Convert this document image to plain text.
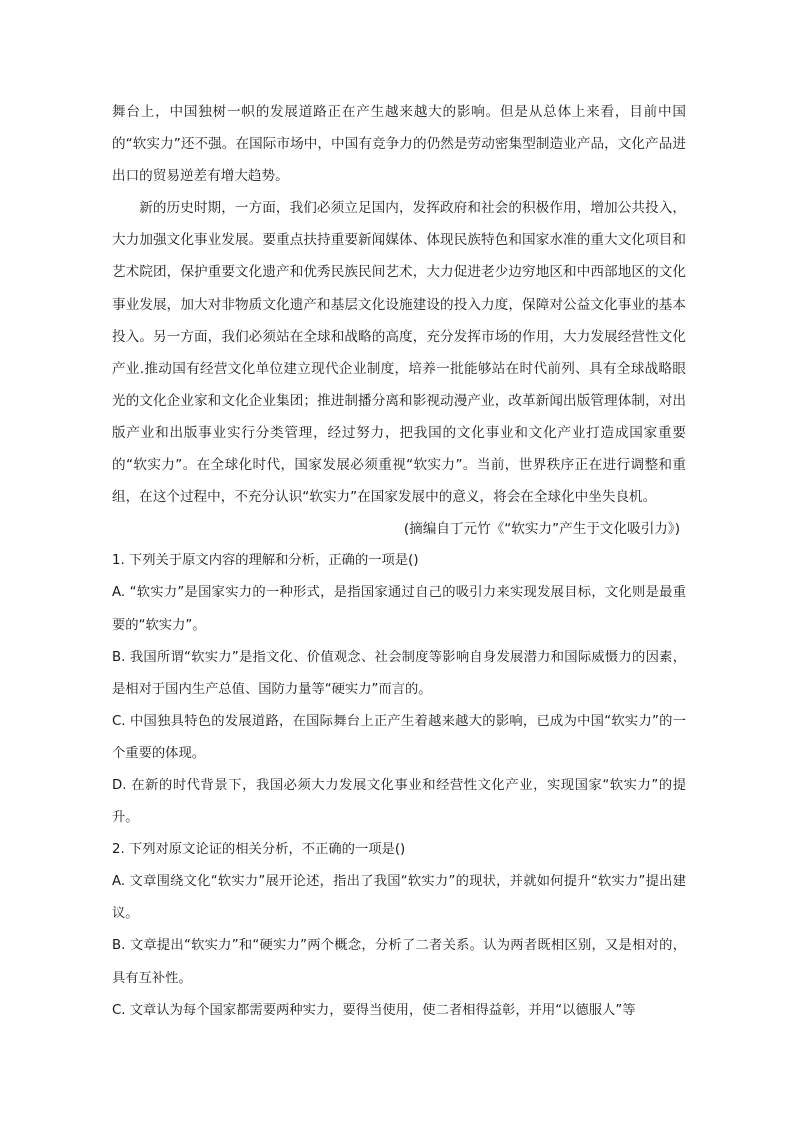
舞台上，中国独树一帜的发展道路正在产生越来越大的影响。但是从总体上来看，目前中国的“软实力”还不强。在国际市场中，中国有竞争力的仍然是劳动密集型制造业产品，文化产品进出口的贸易逆差有增大趋势。

新的历史时期，一方面，我们必须立足国内，发挥政府和社会的积极作用，增加公共投入，大力加强文化事业发展。要重点扶持重要新闻媒体、体现民族特色和国家水准的重大文化项目和艺术院团，保护重要文化遗产和优秀民族民间艺术，大力促进老少边穷地区和中西部地区的文化事业发展，加大对非物质文化遗产和基层文化设施建设的投入力度，保障对公益文化事业的基本投入。另一方面，我们必须站在全球和战略的高度，充分发挥市场的作用，大力发展经营性文化产业.推动国有经营文化单位建立现代企业制度，培养一批能够站在时代前列、具有全球战略眼光的文化企业家和文化企业集团；推进制播分离和影视动漫产业，改革新闻出版管理体制，对出版产业和出版事业实行分类管理，经过努力，把我国的文化事业和文化产业打造成国家重要的“软实力”。在全球化时代，国家发展必须重视“软实力”。当前，世界秩序正在进行调整和重组，在这个过程中，不充分认识“软实力”在国家发展中的意义，将会在全球化中坐失良机。

(摘编自丁元竹《“软实力”产生于文化吸引力》)

1. 下列关于原文内容的理解和分析，正确的一项是()

A. “软实力”是国家实力的一种形式，是指国家通过自己的吸引力来实现发展目标，文化则是最重要的“软实力”。

B. 我国所谓“软实力”是指文化、价值观念、社会制度等影响自身发展潜力和国际威慑力的因素，是相对于国内生产总值、国防力量等“硬实力”而言的。

C. 中国独具特色的发展道路，在国际舞台上正产生着越来越大的影响，已成为中国“软实力”的一个重要的体现。

D. 在新的时代背景下，我国必须大力发展文化事业和经营性文化产业，实现国家“软实力”的提升。

2. 下列对原文论证的相关分析，不正确的一项是()

A. 文章围绕文化“软实力”展开论述，指出了我国“软实力”的现状，并就如何提升“软实力”提出建议。

B. 文章提出“软实力”和“硬实力”两个概念，分析了二者关系。认为两者既相区别，又是相对的，具有互补性。

C. 文章认为每个国家都需要两种实力，要得当使用，使二者相得益彰，并用“以德服人”等
